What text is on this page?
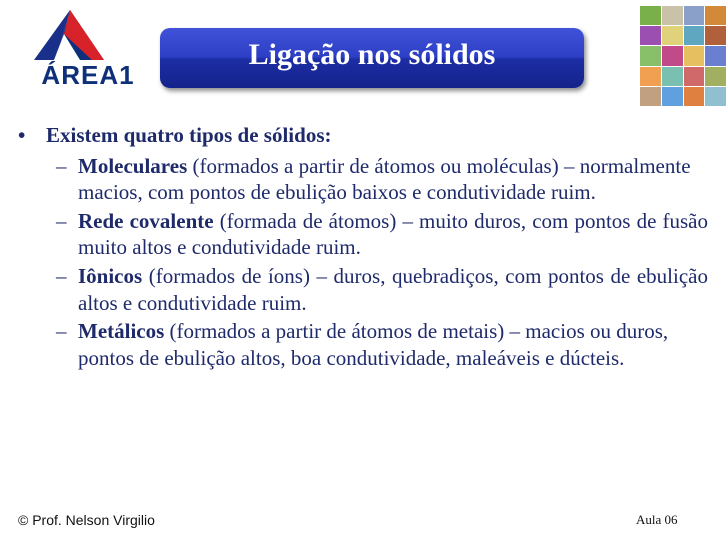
ÁREA1
Ligação nos sólidos
• Existem quatro tipos de sólidos:
– Moleculares (formados a partir de átomos ou moléculas) – normalmente macios, com pontos de ebulição baixos e condutividade ruim.
– Rede covalente (formada de átomos) – muito duros, com pontos de fusão muito altos e condutividade ruim.
– Iônicos (formados de íons) – duros, quebradiços, com pontos de ebulição altos e condutividade ruim.
– Metálicos (formados a partir de átomos de metais) – macios ou duros, pontos de ebulição altos, boa condutividade, maleáveis e dúcteis.
© Prof. Nelson Virgilio	Aula 06
